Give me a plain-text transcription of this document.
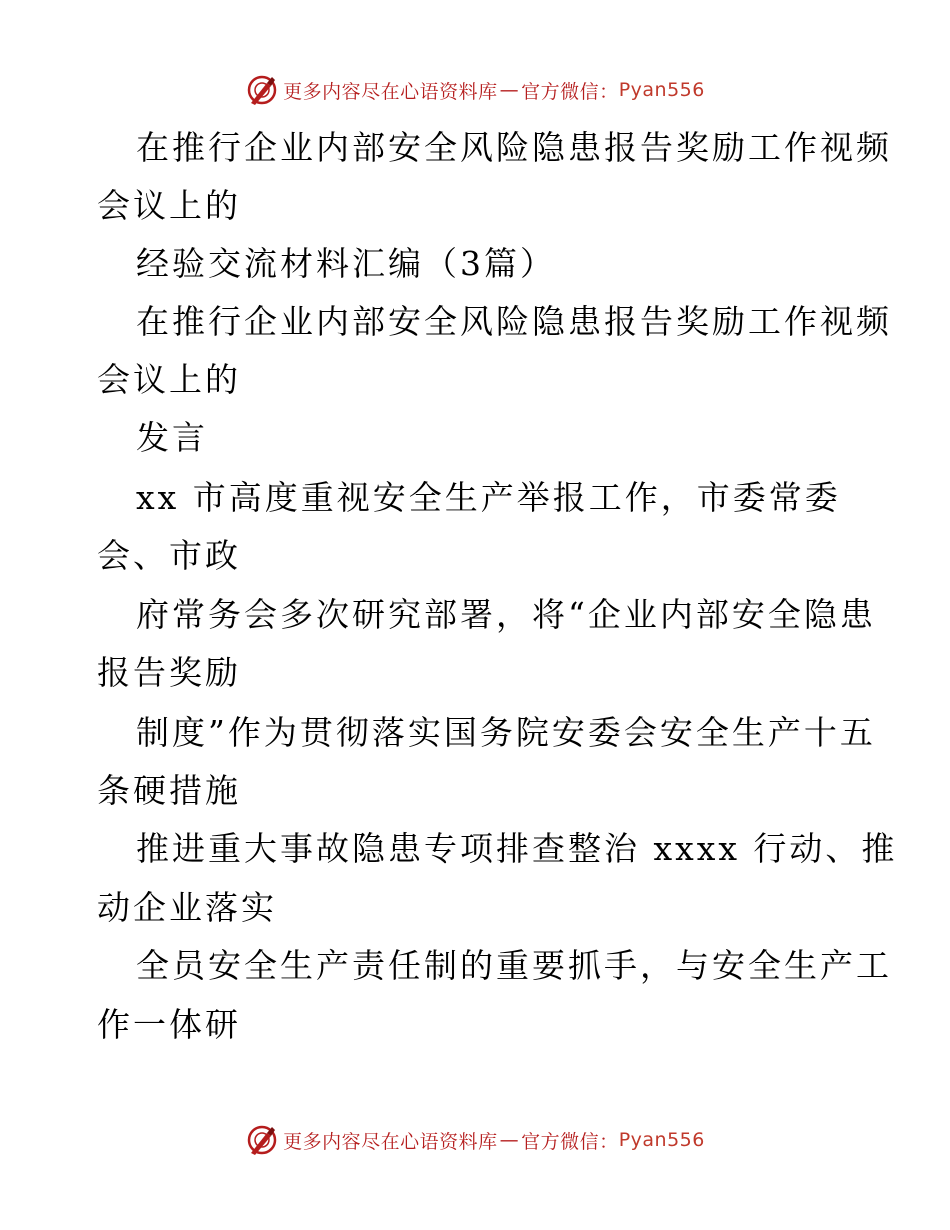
更多内容尽在心语资料库 — 官方微信 ： Pyan556
在推行企业内部安全风险隐患报告奖励工作视频
会议上的
经验交流材料汇编（3篇）
在推行企业内部安全风险隐患报告奖励工作视频
会议上的
发言
xx 市高度重视安全生产举报工作，市委常委
会、市政
府常务会多次研究部署，将“企业内部安全隐患
报告奖励
制度”作为贯彻落实国务院安委会安全生产十五
条硬措施
推进重大事故隐患专项排查整治 xxxx 行动、推
动企业落实
全员安全生产责任制的重要抓手，与安全生产工
作一体研
更多内容尽在心语资料库 — 官方微信 ： Pyan556
